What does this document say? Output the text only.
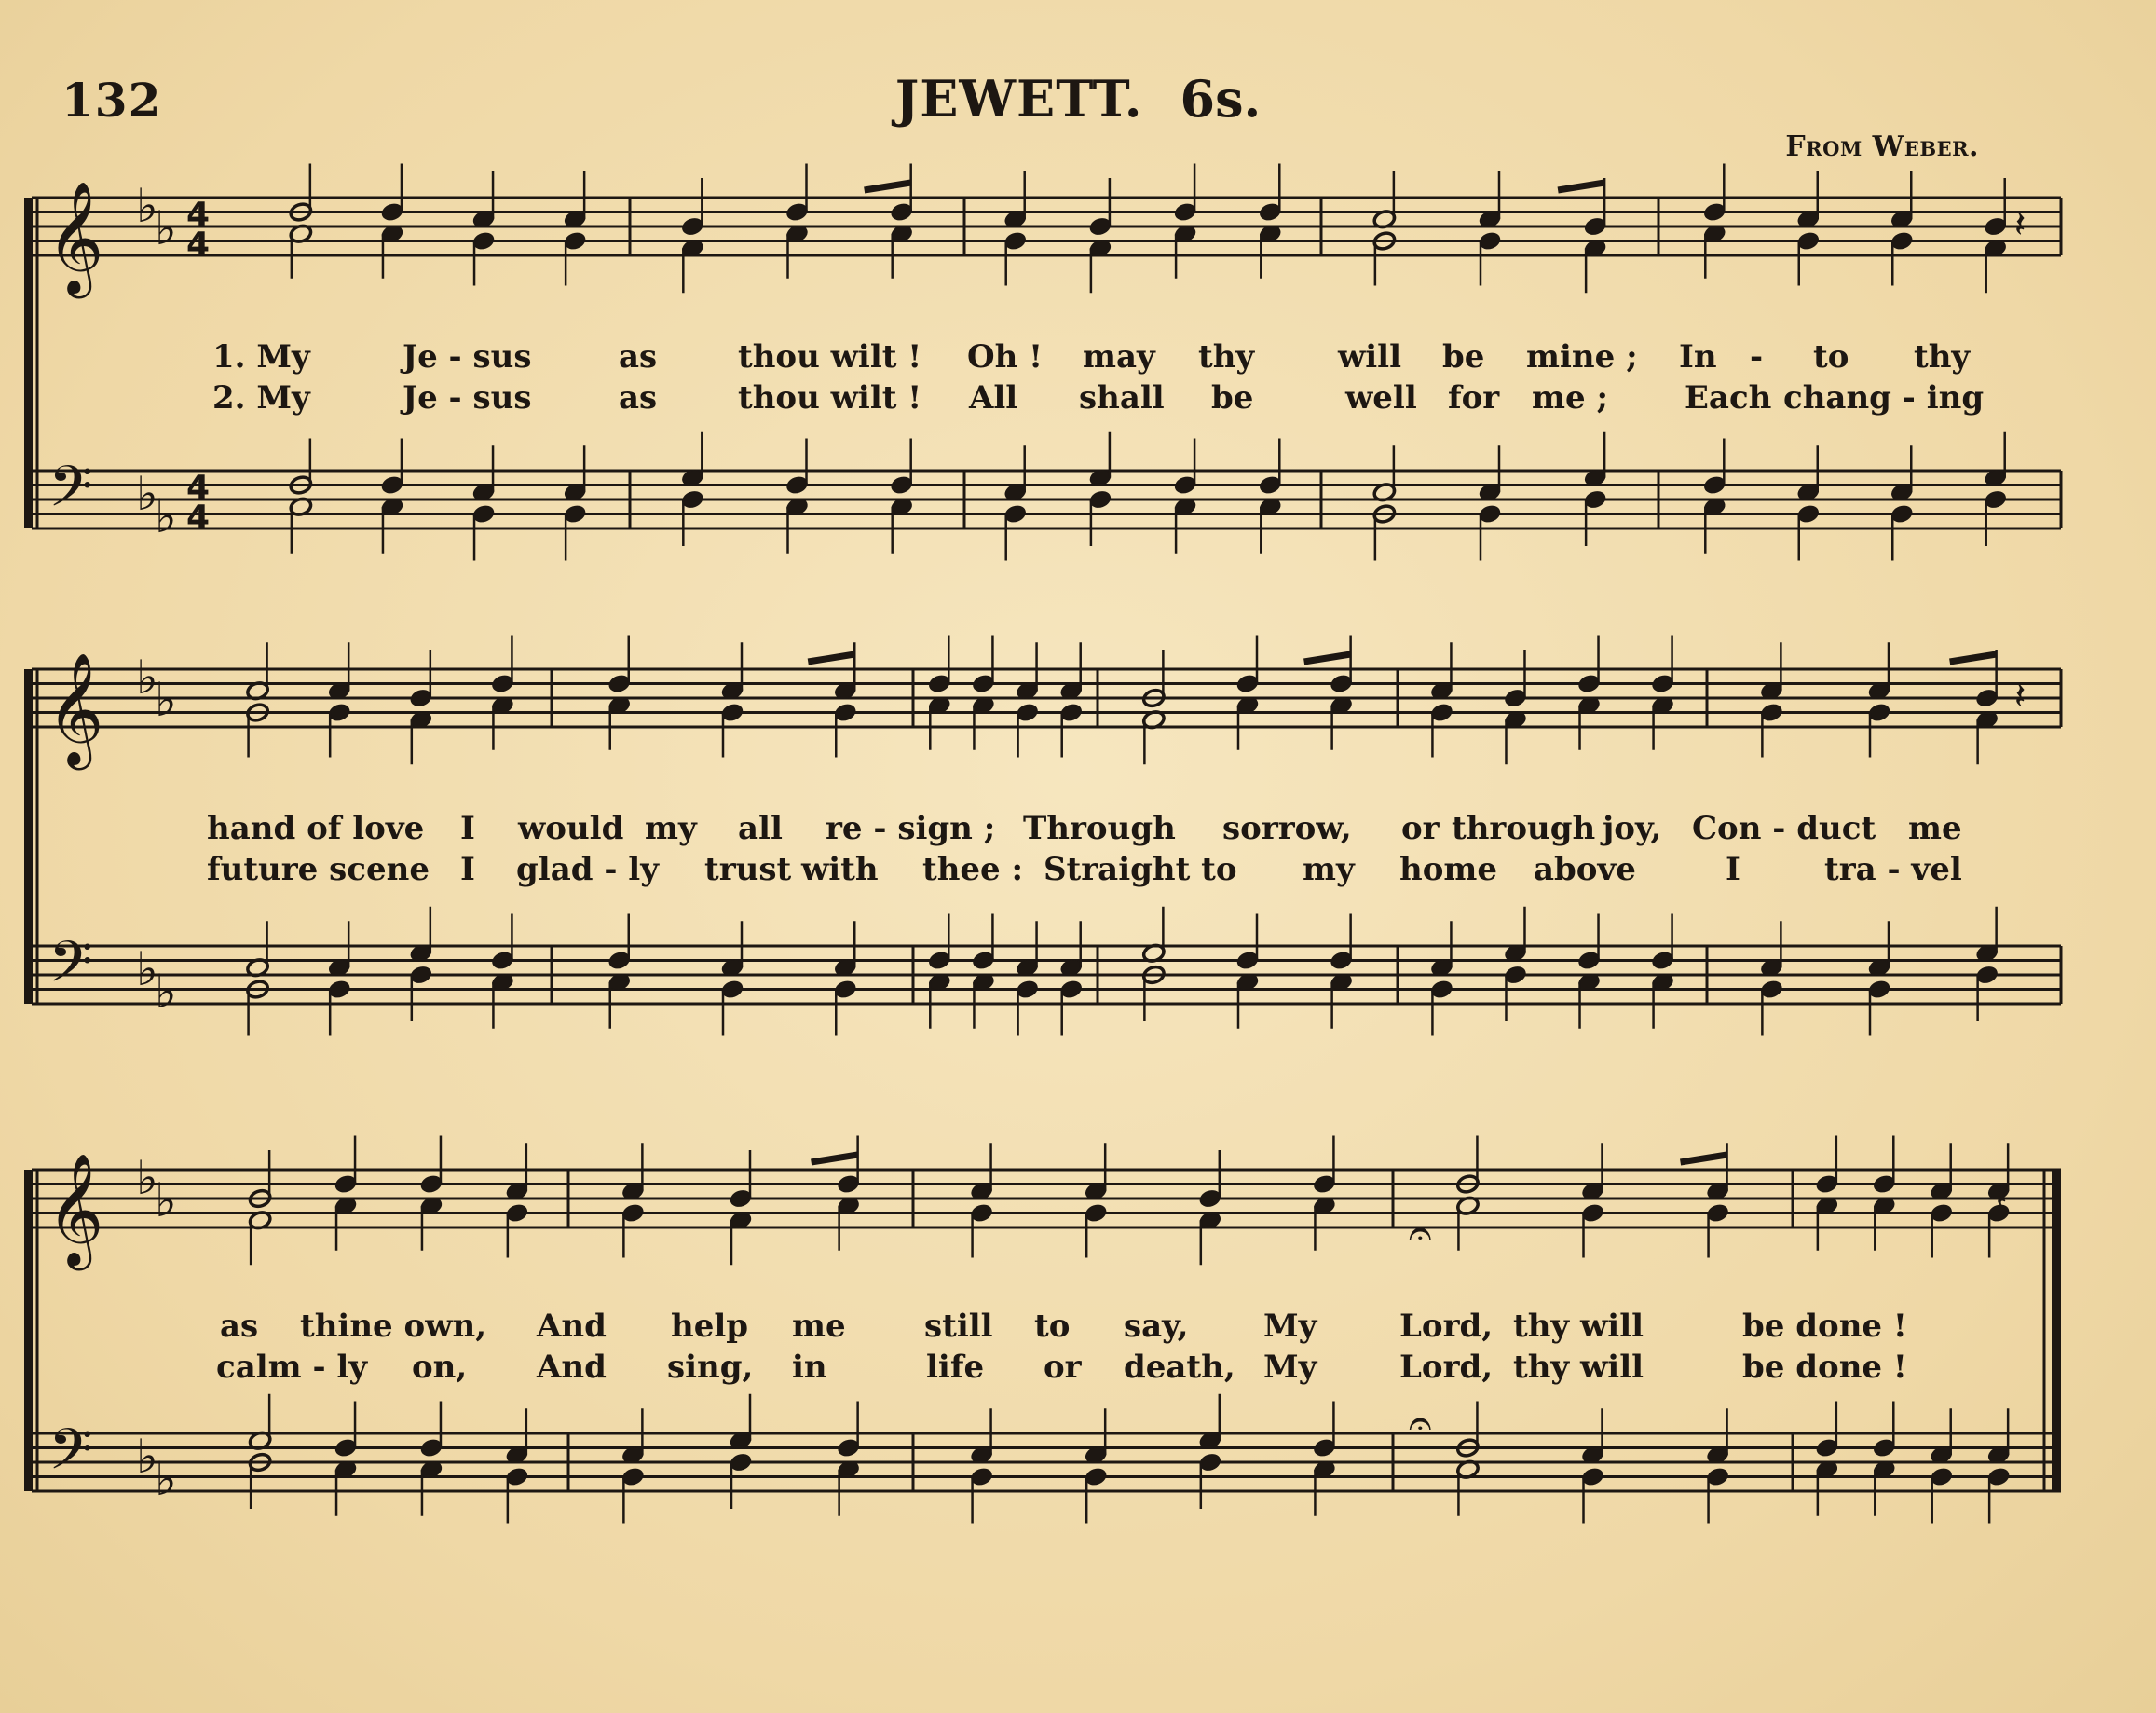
132	JEWETT. 6s.
From Weber.
𝄞
𝄢
♭
♭
♭
♭
4
4
4
4
𝄽
𝄞
𝄢
♭
♭
♭
♭
𝄽
𝄞
𝄢
♭
♭
♭
♭
𝄽
𝄐
𝄐
1. My	Je - sus	as	thou wilt ! Oh ! may thy	will be mine ; In - to thy
2. My	Je - sus	as	thou wilt ! All shall be	well for me ; Each chang - ing
hand of love I would my all re - sign ; Through sorrow, or through joy, Con - duct me
future scene I glad - ly trust with thee : Straight to my home above	I	tra - vel
as thine own, And help me still to say, My	Lord, thy will	be done !
calm - ly on, And sing, in	life or death, My	Lord, thy will	be done !
